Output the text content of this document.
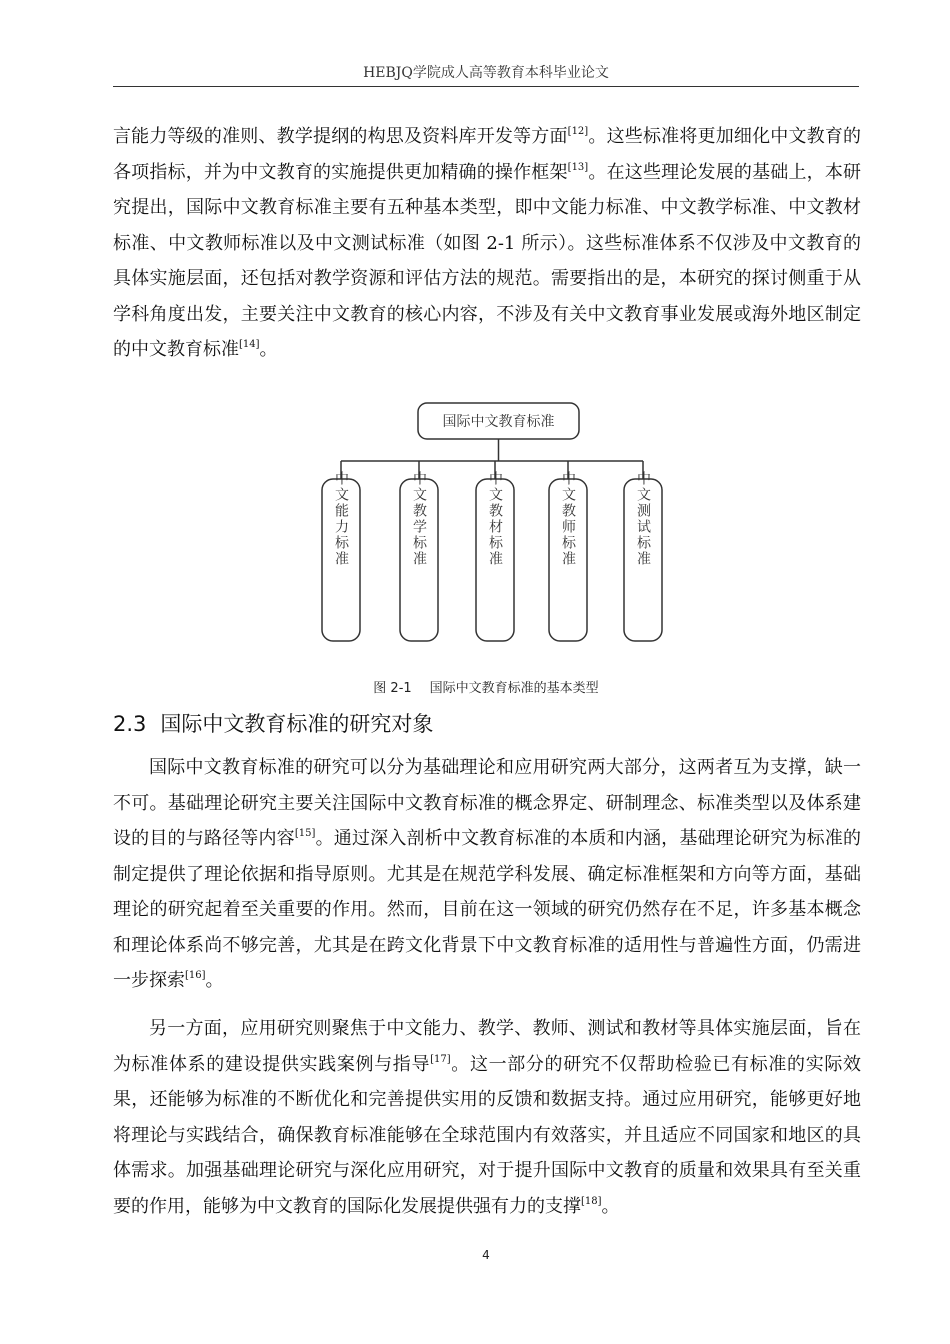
HEBJQ学院成人高等教育本科毕业论文

言能力等级的准则、教学提纲的构思及资料库开发等方面[12]。这些标准将更加细化中文教育的各项指标，并为中文教育的实施提供更加精确的操作框架[13]。在这些理论发展的基础上，本研究提出，国际中文教育标准主要有五种基本类型，即中文能力标准、中文教学标准、中文教材标准、中文教师标准以及中文测试标准（如图 2-1 所示）。这些标准体系不仅涉及中文教育的具体实施层面，还包括对教学资源和评估方法的规范。需要指出的是，本研究的探讨侧重于从学科角度出发，主要关注中文教育的核心内容，不涉及有关中文教育事业发展或海外地区制定的中文教育标准[14]。

国际中文教育标准
中文能力标准	中文教学标准	中文教材标准	中文教师标准	中文测试标准
图 2-1 国际中文教育标准的基本类型
2.3 国际中文教育标准的研究对象

国际中文教育标准的研究可以分为基础理论和应用研究两大部分，这两者互为支撑，缺一不可。基础理论研究主要关注国际中文教育标准的概念界定、研制理念、标准类型以及体系建设的目的与路径等内容[15]。通过深入剖析中文教育标准的本质和内涵，基础理论研究为标准的制定提供了理论依据和指导原则。尤其是在规范学科发展、确定标准框架和方向等方面，基础理论的研究起着至关重要的作用。然而，目前在这一领域的研究仍然存在不足，许多基本概念和理论体系尚不够完善，尤其是在跨文化背景下中文教育标准的适用性与普遍性方面，仍需进一步探索[16]。

另一方面，应用研究则聚焦于中文能力、教学、教师、测试和教材等具体实施层面，旨在为标准体系的建设提供实践案例与指导[17]。这一部分的研究不仅帮助检验已有标准的实际效果，还能够为标准的不断优化和完善提供实用的反馈和数据支持。通过应用研究，能够更好地将理论与实践结合，确保教育标准能够在全球范围内有效落实，并且适应不同国家和地区的具体需求。加强基础理论研究与深化应用研究，对于提升国际中文教育的质量和效果具有至关重要的作用，能够为中文教育的国际化发展提供强有力的支撑[18]。

4
